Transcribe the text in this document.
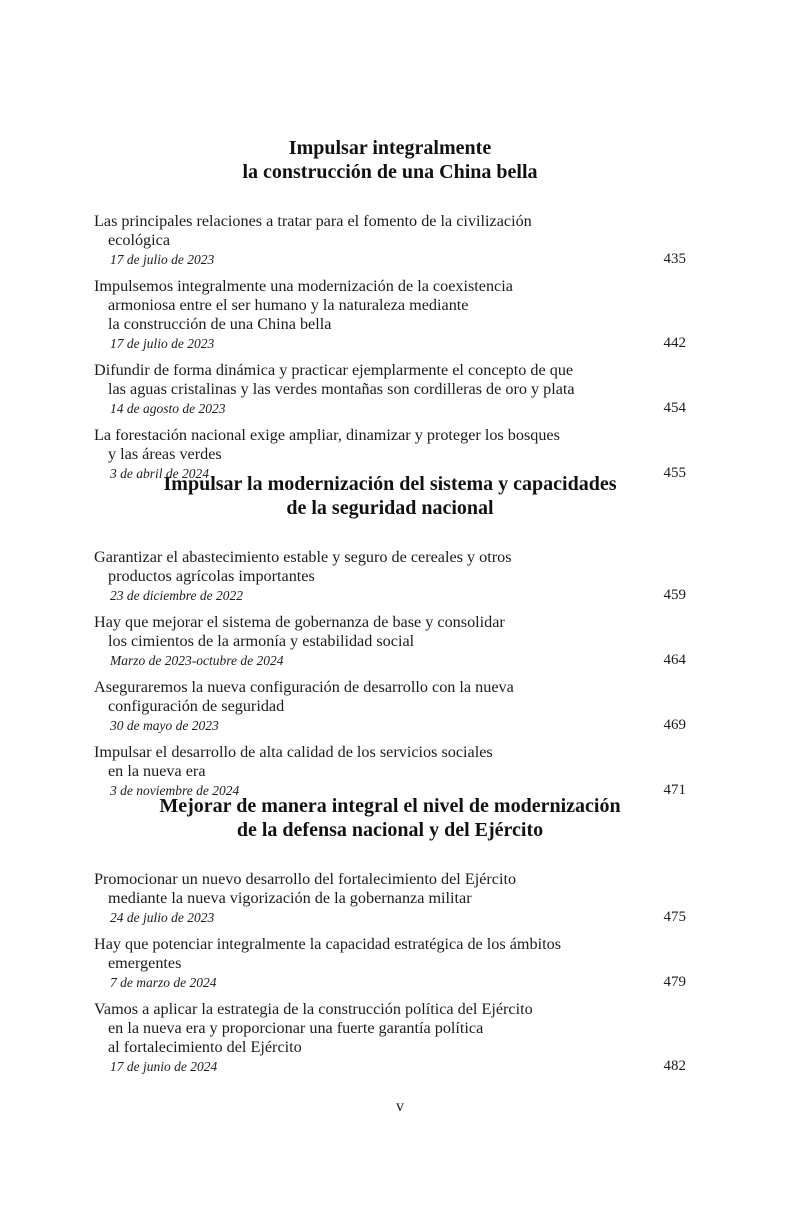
Impulsar integralmente
la construcción de una China bella
Las principales relaciones a tratar para el fomento de la civilización
ecológica
17 de julio de 2023	435
Impulsemos integralmente una modernización de la coexistencia
armoniosa entre el ser humano y la naturaleza mediante
la construcción de una China bella
17 de julio de 2023	442
Difundir de forma dinámica y practicar ejemplarmente el concepto de que
las aguas cristalinas y las verdes montañas son cordilleras de oro y plata
14 de agosto de 2023	454
La forestación nacional exige ampliar, dinamizar y proteger los bosques
y las áreas verdes
3 de abril de 2024	455
Impulsar la modernización del sistema y capacidades
de la seguridad nacional
Garantizar el abastecimiento estable y seguro de cereales y otros
productos agrícolas importantes
23 de diciembre de 2022	459
Hay que mejorar el sistema de gobernanza de base y consolidar
los cimientos de la armonía y estabilidad social
Marzo de 2023-octubre de 2024	464
Aseguraremos la nueva configuración de desarrollo con la nueva
configuración de seguridad
30 de mayo de 2023	469
Impulsar el desarrollo de alta calidad de los servicios sociales
en la nueva era
3 de noviembre de 2024	471
Mejorar de manera integral el nivel de modernización
de la defensa nacional y del Ejército
Promocionar un nuevo desarrollo del fortalecimiento del Ejército
mediante la nueva vigorización de la gobernanza militar
24 de julio de 2023	475
Hay que potenciar integralmente la capacidad estratégica de los ámbitos
emergentes
7 de marzo de 2024	479
Vamos a aplicar la estrategia de la construcción política del Ejército
en la nueva era y proporcionar una fuerte garantía política
al fortalecimiento del Ejército
17 de junio de 2024	482
v
